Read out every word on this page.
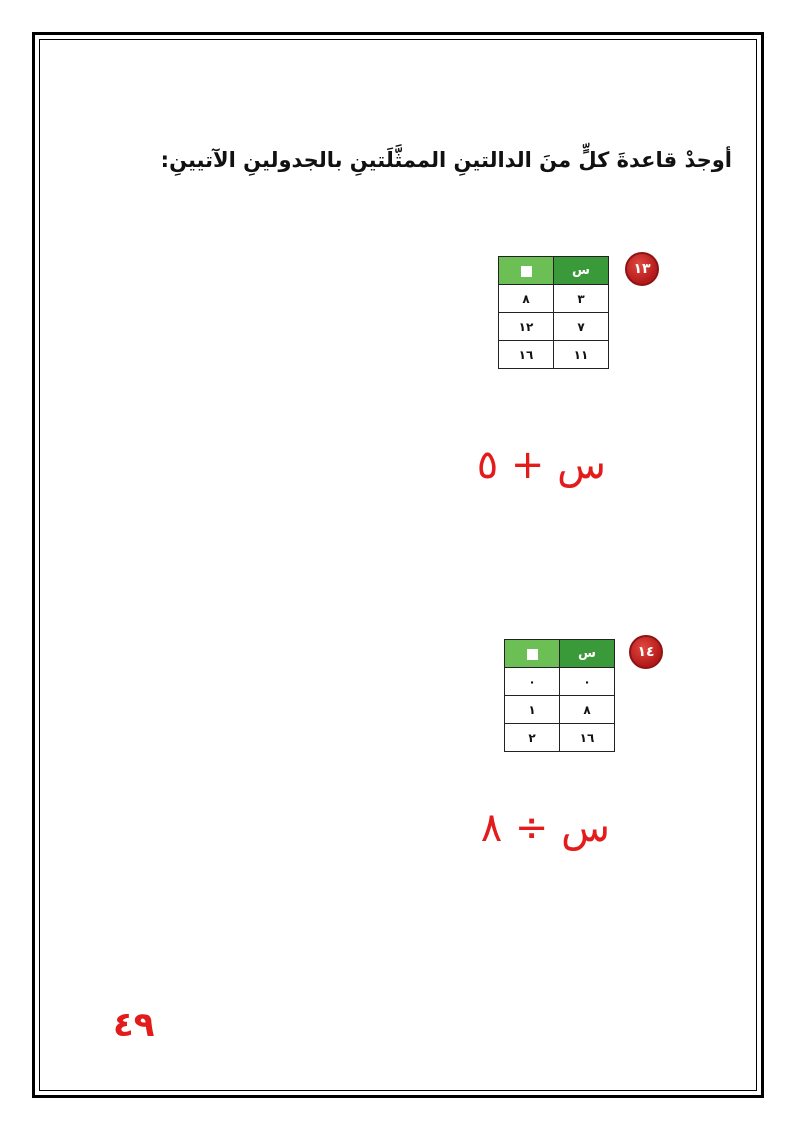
أوجدْ قاعدةَ كلٍّ منَ الدالتينِ الممثَّلَتينِ بالجدولينِ الآتيينِ:
١٣
س	
٣	٨
٧	١٢
١١	١٦
س + ٥
١٤
س	
٠	٠
٨	١
١٦	٢
س ÷ ٨
٤٩
